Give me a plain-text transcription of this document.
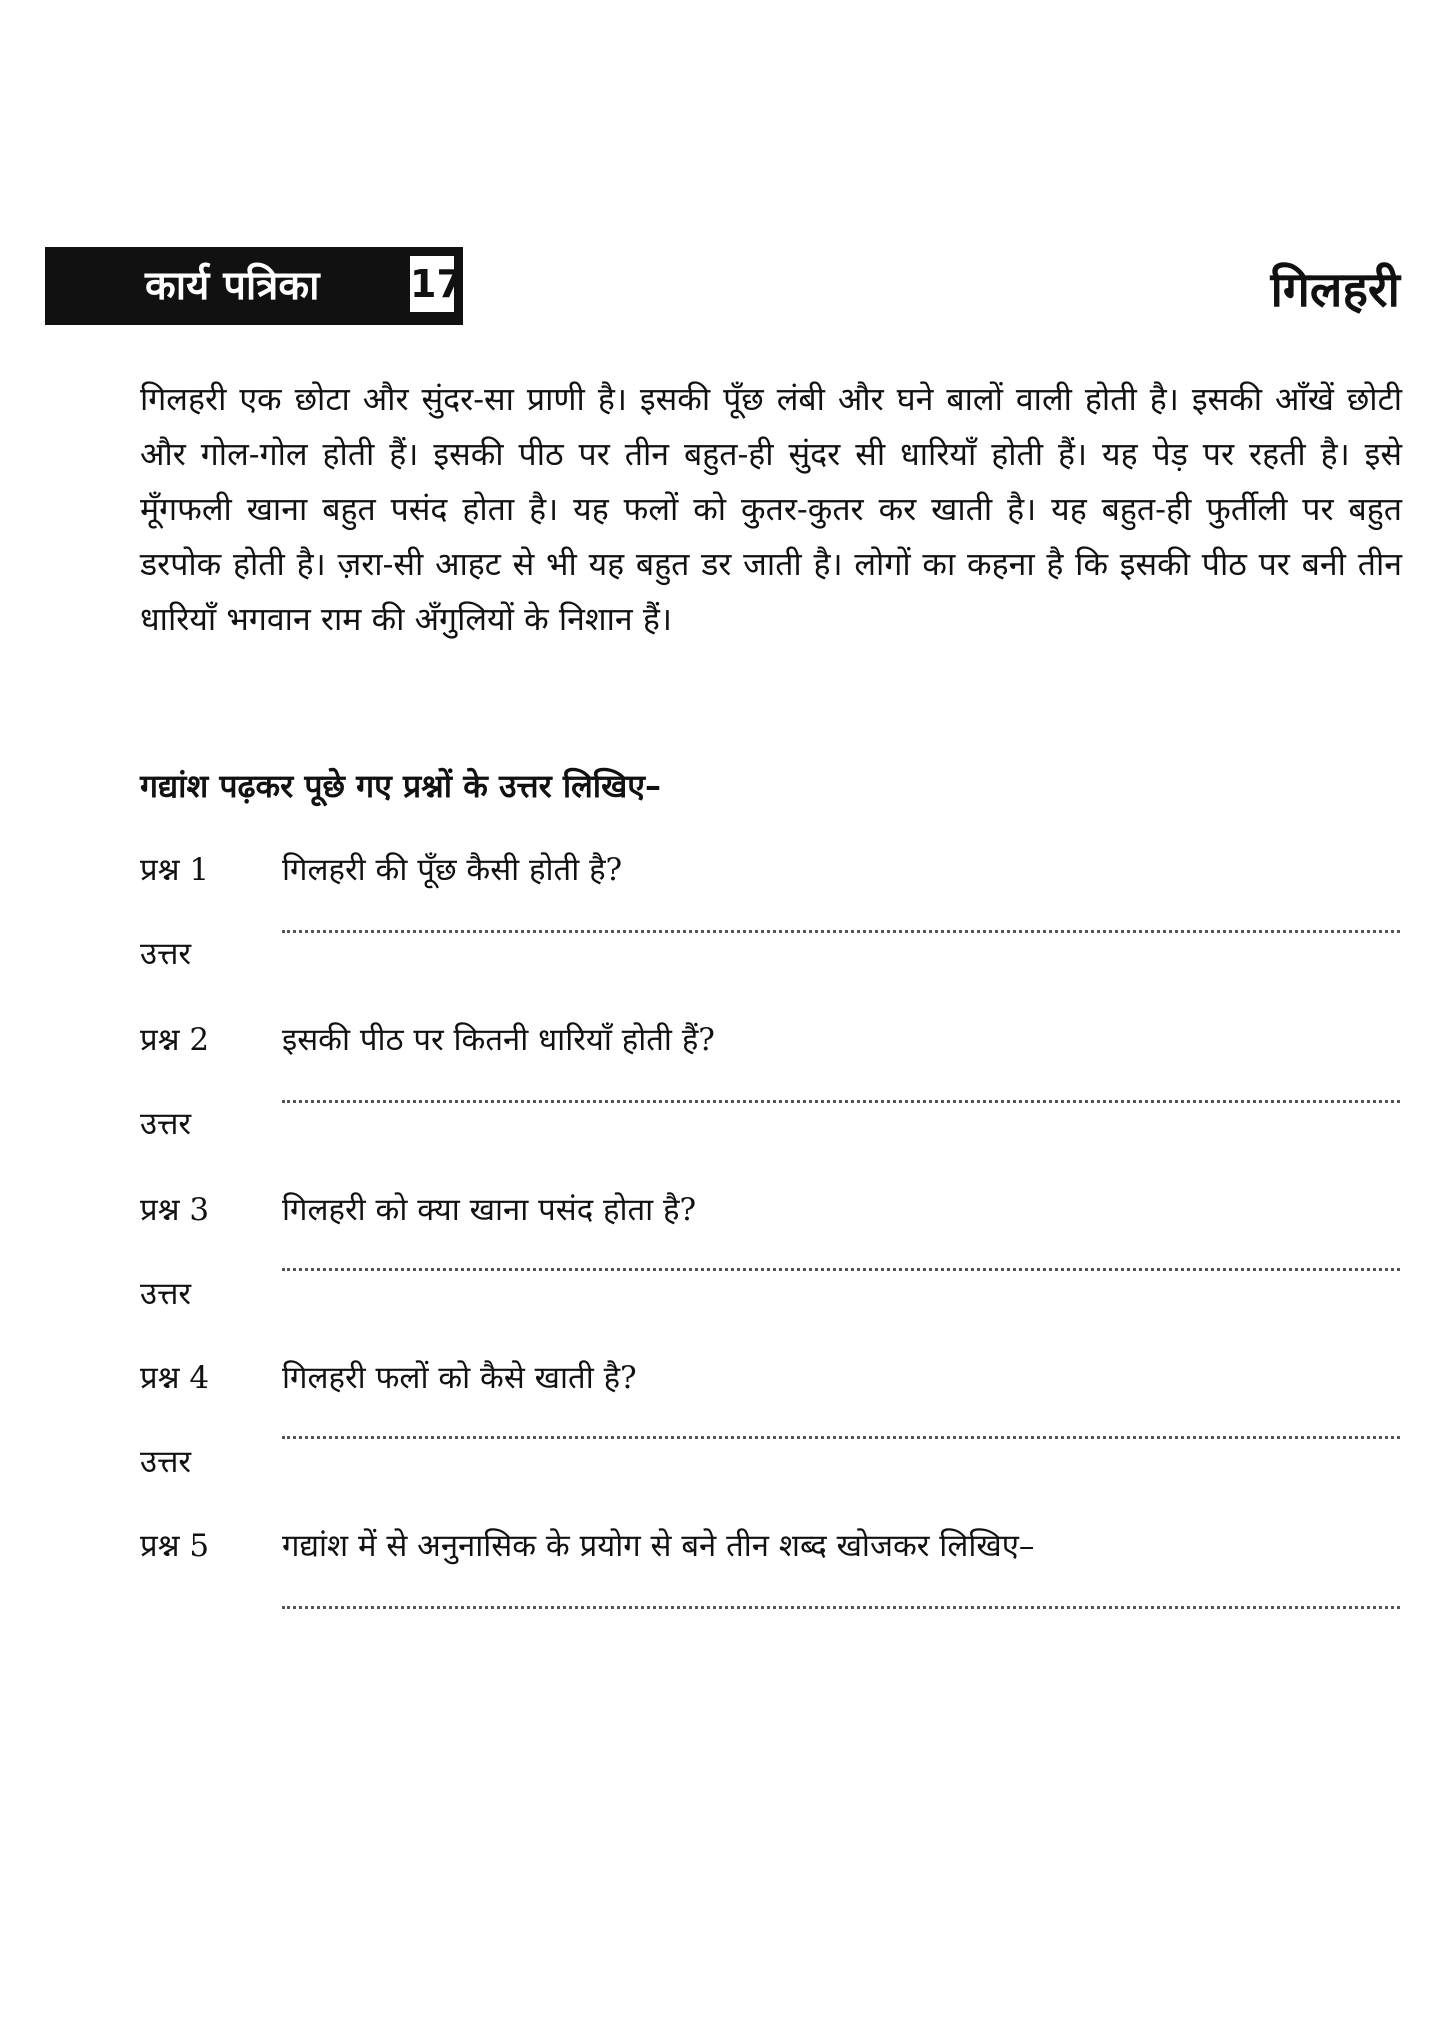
कार्य पत्रिका 17	गिलहरी

गिलहरी एक छोटा और सुंदर-सा प्राणी है। इसकी पूँछ लंबी और घने बालों वाली होती है। इसकी आँखें छोटी और गोल-गोल होती हैं। इसकी पीठ पर तीन बहुत-ही सुंदर सी धारियाँ होती हैं। यह पेड़ पर रहती है। इसे मूँगफली खाना बहुत पसंद होता है। यह फलों को कुतर-कुतर कर खाती है। यह बहुत-ही फुर्तीली पर बहुत डरपोक होती है। ज़रा-सी आहट से भी यह बहुत डर जाती है। लोगों का कहना है कि इसकी पीठ पर बनी तीन धारियाँ भगवान राम की अँगुलियों के निशान हैं।

गद्यांश पढ़कर पूछे गए प्रश्नों के उत्तर लिखिए–
प्रश्न 1 गिलहरी की पूँछ कैसी होती है?
उत्तर
प्रश्न 2 इसकी पीठ पर कितनी धारियाँ होती हैं?
उत्तर
प्रश्न 3 गिलहरी को क्या खाना पसंद होता है?
उत्तर
प्रश्न 4 गिलहरी फलों को कैसे खाती है?
उत्तर
प्रश्न 5 गद्यांश में से अनुनासिक के प्रयोग से बने तीन शब्द खोजकर लिखिए–
